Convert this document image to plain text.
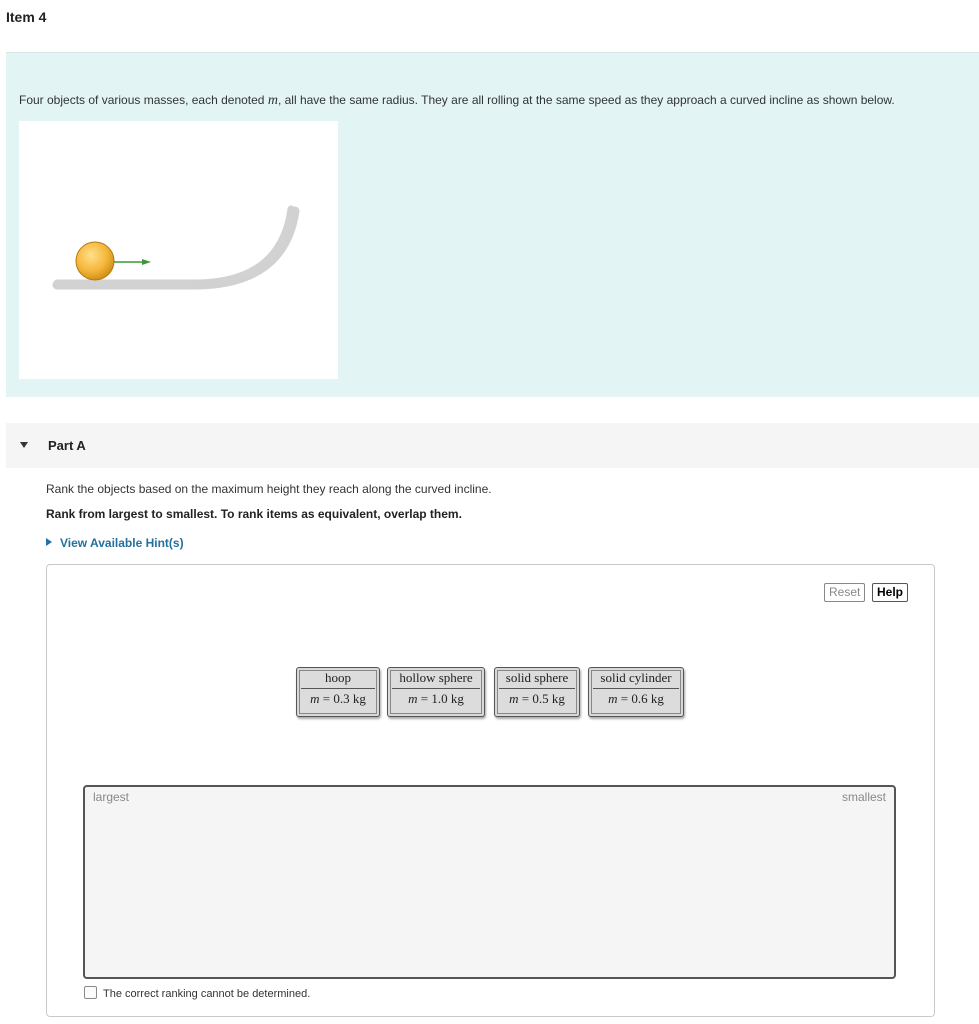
Item 4
Four objects of various masses, each denoted m, all have the same radius. They are all rolling at the same speed as they approach a curved incline as shown below.
Part A
Rank the objects based on the maximum height they reach along the curved incline.
Rank from largest to smallest. To rank items as equivalent, overlap them.
View Available Hint(s)
Reset	Help
hoop
m = 0.3 kg
hollow sphere
m = 1.0 kg
solid sphere
m = 0.5 kg
solid cylinder
m = 0.6 kg
largest	smallest
The correct ranking cannot be determined.
